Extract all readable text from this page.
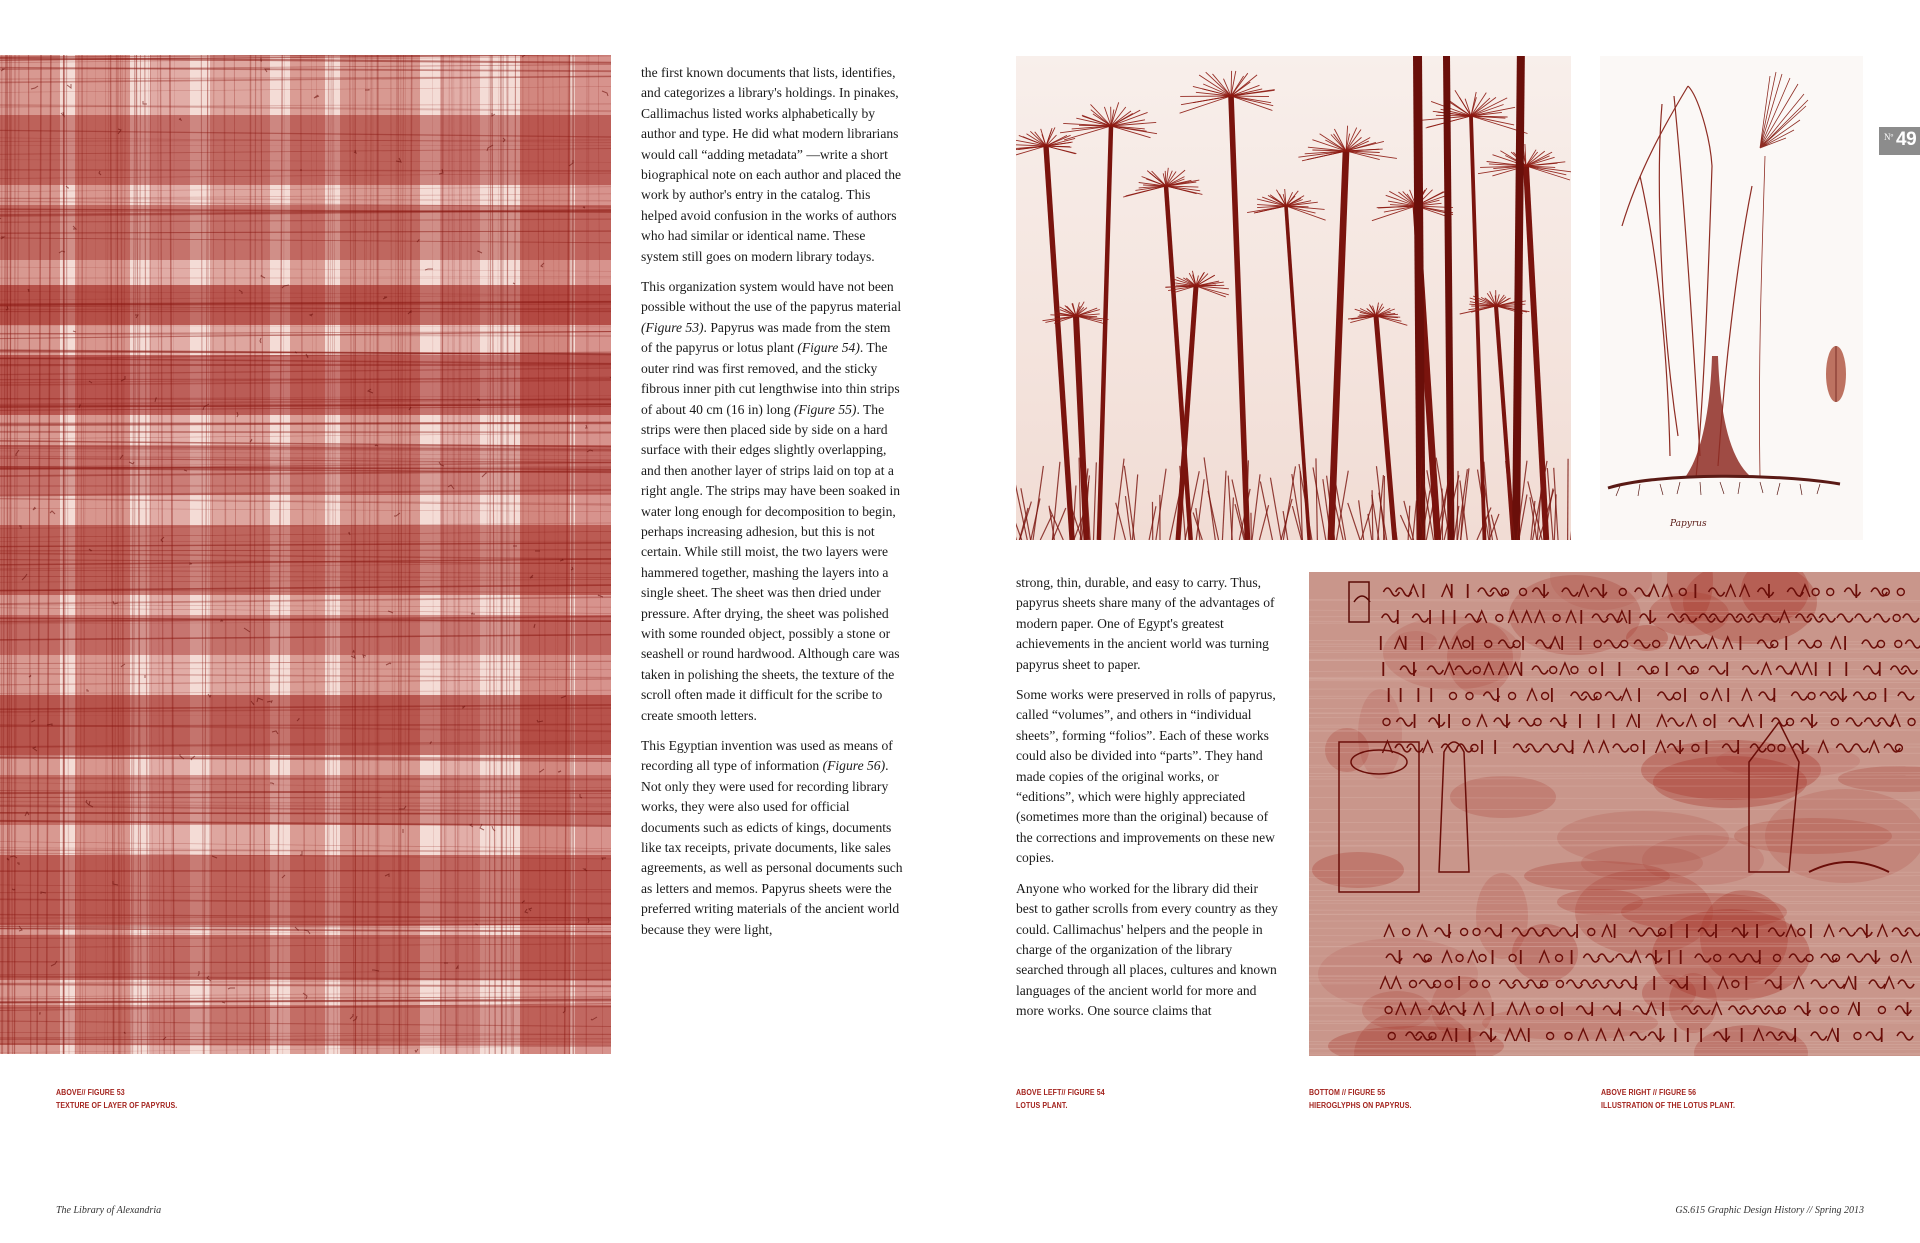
the first known documents that lists, identifies, and categorizes a library's holdings. In pinakes, Callimachus listed works alphabetically by author and type. He did what modern librarians would call “adding metadata” —write a short biographical note on each author and placed the work by author's entry in the catalog. This helped avoid confusion in the works of authors who had similar or identical name. These system still goes on modern library todays.

This organization system would have not been possible without the use of the papyrus material (Figure 53). Papyrus was made from the stem of the papyrus or lotus plant (Figure 54). The outer rind was first removed, and the sticky fibrous inner pith cut lengthwise into thin strips of about 40 cm (16 in) long (Figure 55). The strips were then placed side by side on a hard surface with their edges slightly overlapping, and then another layer of strips laid on top at a right angle. The strips may have been soaked in water long enough for decomposition to begin, perhaps increasing adhesion, but this is not certain. While still moist, the two layers were hammered together, mashing the layers into a single sheet. The sheet was then dried under pressure. After drying, the sheet was polished with some rounded object, possibly a stone or seashell or round hardwood. Although care was taken in polishing the sheets, the texture of the scroll often made it difficult for the scribe to create smooth letters.

This Egyptian invention was used as means of recording all type of information (Figure 56). Not only they were used for recording library works, they were also used for official documents such as edicts of kings, documents like tax receipts, private documents, like sales agreements, as well as personal documents such as letters and memos. Papyrus sheets were the preferred writing materials of the ancient world because they were light,

Papyrus
Nº 49

strong, thin, durable, and easy to carry. Thus, papyrus sheets share many of the advantages of modern paper. One of Egypt's greatest achievements in the ancient world was turning papyrus sheet to paper.

Some works were preserved in rolls of papyrus, called “volumes”, and others in “individual sheets”, forming “folios”. Each of these works could also be divided into “parts”. They hand made copies of the original works, or “editions”, which were highly appreciated (sometimes more than the original) because of the corrections and improvements on these new copies.

Anyone who worked for the library did their best to gather scrolls from every country as they could. Callimachus' helpers and the people in charge of the organization of the library searched through all places, cultures and known languages of the ancient world for more and more works. One source claims that

ABOVE// FIGURE 53
TEXTURE OF LAYER OF PAPYRUS.
ABOVE LEFT// FIGURE 54
LOTUS PLANT.
BOTTOM // FIGURE 55
HIEROGLYPHS ON PAPYRUS.
ABOVE RIGHT // FIGURE 56
ILLUSTRATION OF THE LOTUS PLANT.
The Library of Alexandria	GS.615 Graphic Design History // Spring 2013
